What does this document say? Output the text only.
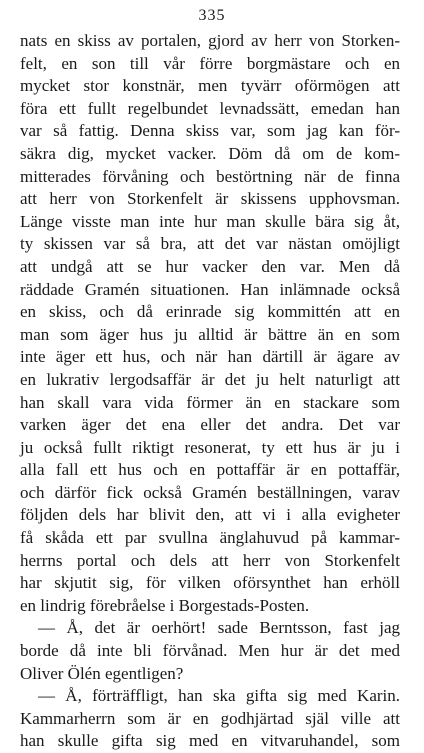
335
nats en skiss av portalen, gjord av herr von Storken-
felt, en son till vår förre borgmästare och en
mycket stor konstnär, men tyvärr oförmögen att
föra ett fullt regelbundet levnadssätt, emedan han
var så fattig. Denna skiss var, som jag kan för-
säkra dig, mycket vacker. Döm då om de kom-
mitterades förvåning och bestörtning när de finna
att herr von Storkenfelt är skissens upphovsman.
Länge visste man inte hur man skulle bära sig åt,
ty skissen var så bra, att det var nästan omöjligt
att undgå att se hur vacker den var. Men då
räddade Gramén situationen. Han inlämnade också
en skiss, och då erinrade sig kommittén att en
man som äger hus ju alltid är bättre än en som
inte äger ett hus, och när han därtill är ägare av
en lukrativ lergodsaffär är det ju helt naturligt att
han skall vara vida förmer än en stackare som
varken äger det ena eller det andra. Det var
ju också fullt riktigt resonerat, ty ett hus är ju i
alla fall ett hus och en pottaffär är en pottaffär,
och därför fick också Gramén beställningen, varav
följden dels har blivit den, att vi i alla evigheter
få skåda ett par svullna änglahuvud på kammar-
herrns portal och dels att herr von Storkenfelt
har skjutit sig, för vilken oförsynthet han erhöll
en lindrig förebråelse i Borgestads-Posten.
— Å, det är oerhört! sade Berntsson, fast jag
borde då inte bli förvånad. Men hur är det med
Oliver Ölén egentligen?
— Å, förträffligt, han ska gifta sig med Karin.
Kammarherrn som är en godhjärtad själ ville att
han skulle gifta sig med en vitvaruhandel, som
